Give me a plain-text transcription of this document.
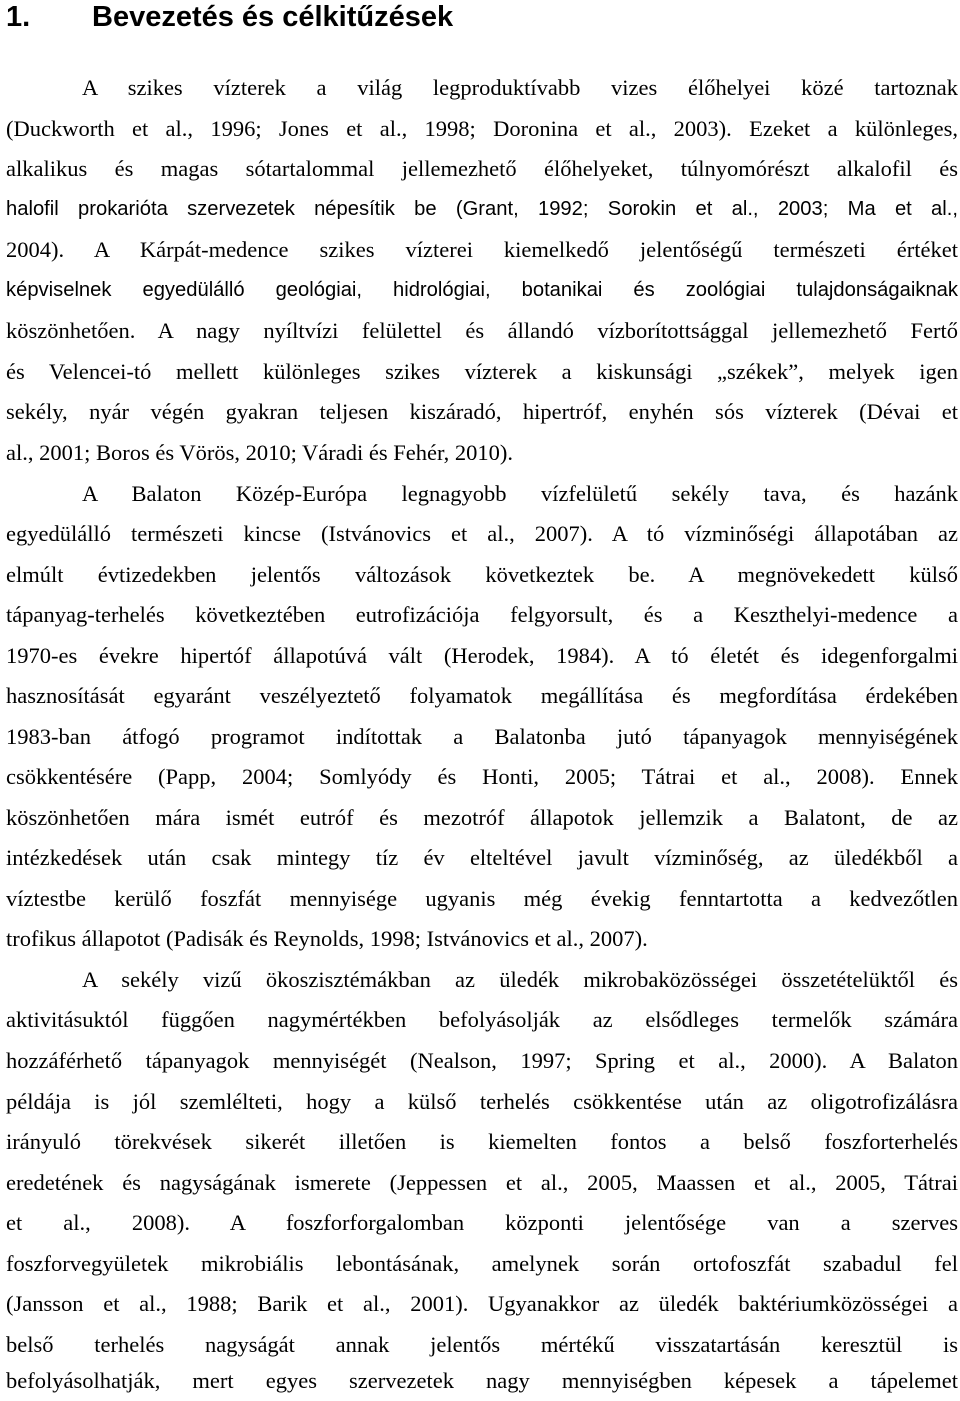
1. Bevezetés és célkitűzések
A szikes vízterek a világ legproduktívabb vizes élőhelyei közé tartoznak
(Duckworth et al., 1996; Jones et al., 1998; Doronina et al., 2003). Ezeket a különleges,
alkalikus és magas sótartalommal jellemezhető élőhelyeket, túlnyomórészt alkalofil és
halofil prokarióta szervezetek népesítik be (Grant, 1992; Sorokin et al., 2003; Ma et al.,
2004). A Kárpát-medence szikes vízterei kiemelkedő jelentőségű természeti értéket
képviselnek egyedülálló geológiai, hidrológiai, botanikai és zoológiai tulajdonságaiknak
köszönhetően. A nagy nyíltvízi felülettel és állandó vízborítottsággal jellemezhető Fertő
és Velencei-tó mellett különleges szikes vízterek a kiskunsági „székek”, melyek igen
sekély, nyár végén gyakran teljesen kiszáradó, hipertróf, enyhén sós vízterek (Dévai et
al., 2001; Boros és Vörös, 2010; Váradi és Fehér, 2010).
A Balaton Közép-Európa legnagyobb vízfelületű sekély tava, és hazánk
egyedülálló természeti kincse (Istvánovics et al., 2007). A tó vízminőségi állapotában az
elmúlt évtizedekben jelentős változások következtek be. A megnövekedett külső
tápanyag-terhelés következtében eutrofizációja felgyorsult, és a Keszthelyi-medence a
1970-es évekre hipertóf állapotúvá vált (Herodek, 1984). A tó életét és idegenforgalmi
hasznosítását egyaránt veszélyeztető folyamatok megállítása és megfordítása érdekében
1983-ban átfogó programot indítottak a Balatonba jutó tápanyagok mennyiségének
csökkentésére (Papp, 2004; Somlyódy és Honti, 2005; Tátrai et al., 2008). Ennek
köszönhetően mára ismét eutróf és mezotróf állapotok jellemzik a Balatont, de az
intézkedések után csak mintegy tíz év elteltével javult vízminőség, az üledékből a
víztestbe kerülő foszfát mennyisége ugyanis még évekig fenntartotta a kedvezőtlen
trofikus állapotot (Padisák és Reynolds, 1998; Istvánovics et al., 2007).
A sekély vizű ökoszisztémákban az üledék mikrobaközösségei összetételüktől és
aktivitásuktól függően nagymértékben befolyásolják az elsődleges termelők számára
hozzáférhető tápanyagok mennyiségét (Nealson, 1997; Spring et al., 2000). A Balaton
példája is jól szemlélteti, hogy a külső terhelés csökkentése után az oligotrofizálásra
irányuló törekvések sikerét illetően is kiemelten fontos a belső foszforterhelés
eredetének és nagyságának ismerete (Jeppessen et al., 2005, Maassen et al., 2005, Tátrai
et al., 2008). A foszforforgalomban központi jelentősége van a szerves
foszforvegyületek mikrobiális lebontásának, amelynek során ortofoszfát szabadul fel
(Jansson et al., 1988; Barik et al., 2001). Ugyanakkor az üledék baktériumközösségei a
belső terhelés nagyságát annak jelentős mértékű visszatartásán keresztül is
befolyásolhatják, mert egyes szervezetek nagy mennyiségben képesek a tápelemet
